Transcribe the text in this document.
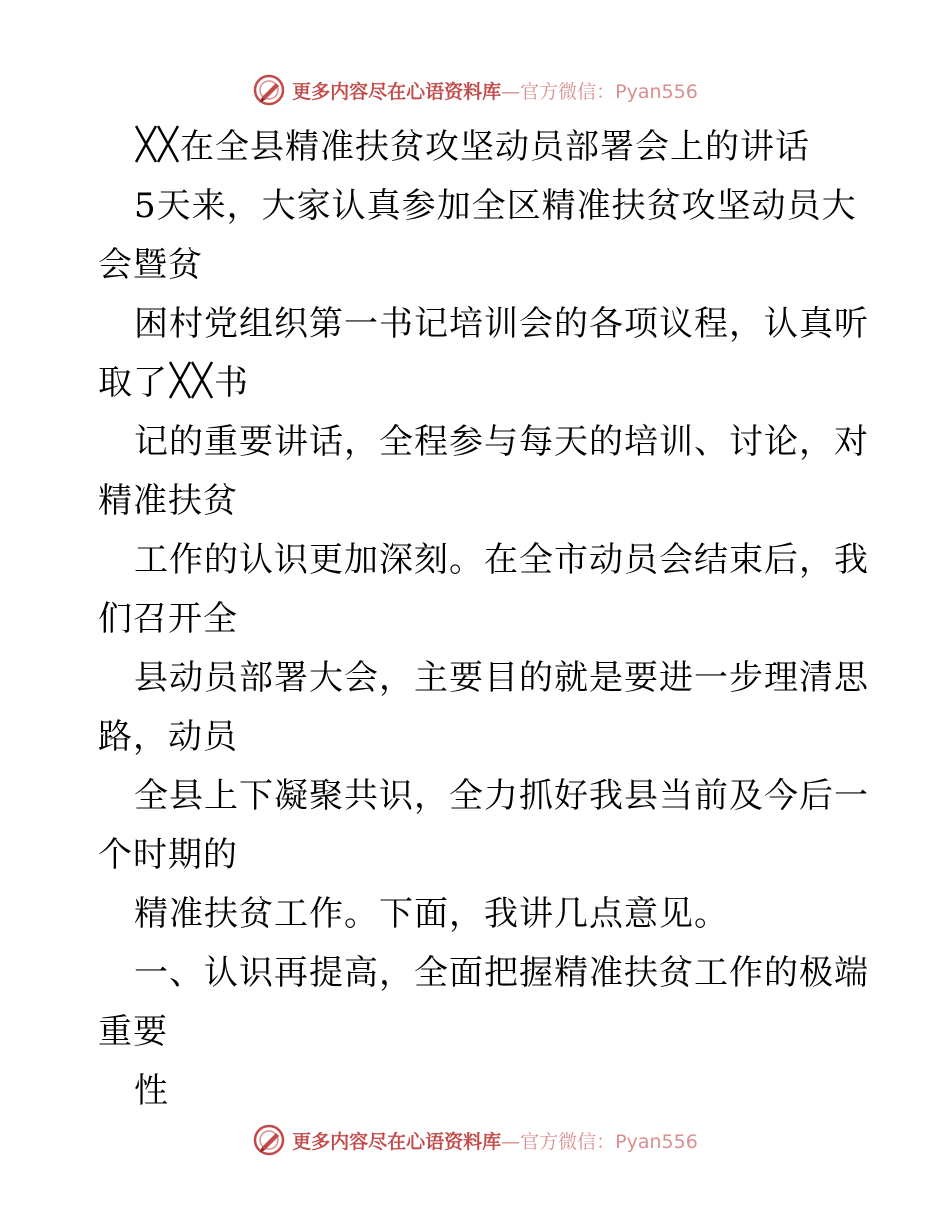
更多内容尽在心语资料库—官方微信：Pyan556
在全县精准扶贫攻坚动员部署会上的讲话
5天来，大家认真参加全区精准扶贫攻坚动员大
会暨贫
困村党组织第一书记培训会的各项议程，认真听
取了 书
记的重要讲话，全程参与每天的培训、讨论，对
精准扶贫
工作的认识更加深刻。在全市动员会结束后，我
们召开全
县动员部署大会，主要目的就是要进一步理清思
路，动员
全县上下凝聚共识，全力抓好我县当前及今后一
个时期的
精准扶贫工作。下面，我讲几点意见。
一、认识再提高，全面把握精准扶贫工作的极端
重要
性
更多内容尽在心语资料库—官方微信：Pyan556
